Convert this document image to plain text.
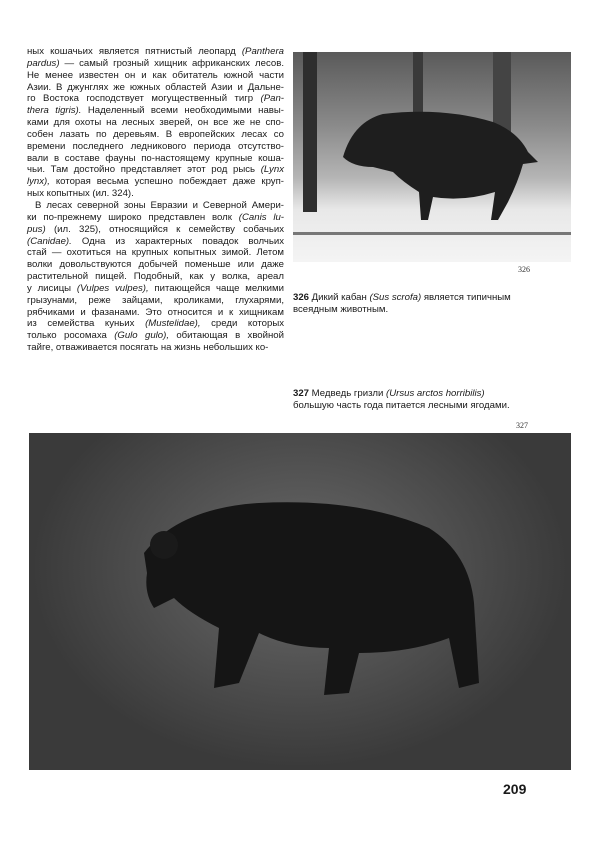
ных кошачьих является пятнистый леопард (Panthera
pardus) — самый грозный хищник африканских лесов.
Не менее известен он и как обитатель южной части
Азии. В джунглях же южных областей Азии и Дальне-
го Востока господствует могущественный тигр (Pan-
thera tigris). Наделенный всеми необходимыми навы-
ками для охоты на лесных зверей, он все же не спо-
собен лазать по деревьям. В европейских лесах со
времени последнего ледникового периода отсутство-
вали в составе фауны по-настоящему крупные коша-
чьи. Там достойно представляет этот род рысь (Lynx
lynx), которая весьма успешно побеждает даже круп-
ных копытных (ил. 324).
В лесах северной зоны Евразии и Северной Амери-
ки по-прежнему широко представлен волк (Canis lu-
pus) (ил. 325), относящийся к семейству собачьих
(Canidae). Одна из характерных повадок волчьих
стай — охотиться на крупных копытных зимой. Летом
волки довольствуются добычей поменьше или даже
растительной пищей. Подобный, как у волка, ареал
у лисицы (Vulpes vulpes), питающейся чаще мелкими
грызунами, реже зайцами, кроликами, глухарями,
рябчиками и фазанами. Это относится и к хищникам
из семейства куньих (Mustelidae), среди которых
только росомаха (Gulo gulo), обитающая в хвойной
тайге, отваживается посягать на жизнь небольших ко-
326
326 Дикий кабан (Sus scrofa) является типичным
всеядным животным.
327 Медведь гризли (Ursus arctos horribilis)
большую часть года питается лесными ягодами.
327
209
